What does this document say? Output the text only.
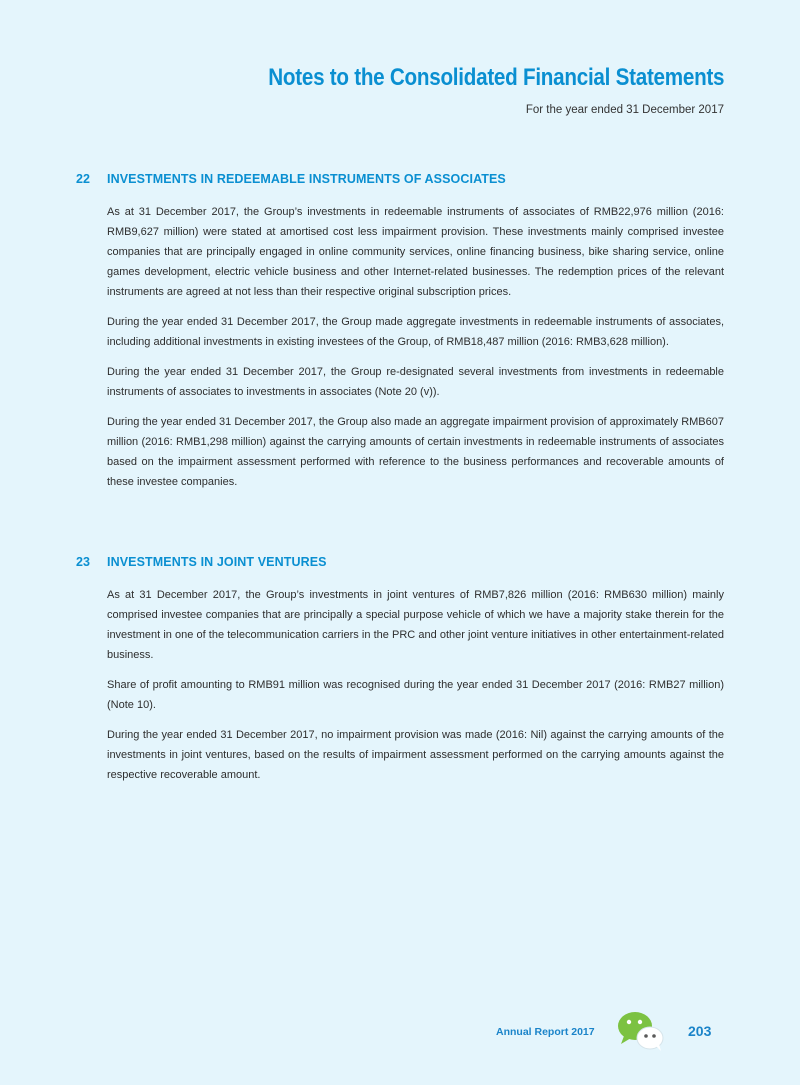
Notes to the Consolidated Financial Statements
For the year ended 31 December 2017
22	INVESTMENTS IN REDEEMABLE INSTRUMENTS OF ASSOCIATES

As at 31 December 2017, the Group’s investments in redeemable instruments of associates of RMB22,976 million (2016: RMB9,627 million) were stated at amortised cost less impairment provision. These investments mainly comprised investee companies that are principally engaged in online community services, online financing business, bike sharing service, online games development, electric vehicle business and other Internet-related businesses. The redemption prices of the relevant instruments are agreed at not less than their respective original subscription prices.

During the year ended 31 December 2017, the Group made aggregate investments in redeemable instruments of associates, including additional investments in existing investees of the Group, of RMB18,487 million (2016: RMB3,628 million).

During the year ended 31 December 2017, the Group re-designated several investments from investments in redeemable instruments of associates to investments in associates (Note 20 (v)).

During the year ended 31 December 2017, the Group also made an aggregate impairment provision of approximately RMB607 million (2016: RMB1,298 million) against the carrying amounts of certain investments in redeemable instruments of associates based on the impairment assessment performed with reference to the business performances and recoverable amounts of these investee companies.

23	INVESTMENTS IN JOINT VENTURES

As at 31 December 2017, the Group’s investments in joint ventures of RMB7,826 million (2016: RMB630 million) mainly comprised investee companies that are principally a special purpose vehicle of which we have a majority stake therein for the investment in one of the telecommunication carriers in the PRC and other joint venture initiatives in other entertainment-related business.

Share of profit amounting to RMB91 million was recognised during the year ended 31 December 2017 (2016: RMB27 million) (Note 10).

During the year ended 31 December 2017, no impairment provision was made (2016: Nil) against the carrying amounts of the investments in joint ventures, based on the results of impairment assessment performed on the carrying amounts against the respective recoverable amount.

Annual Report 2017	203
